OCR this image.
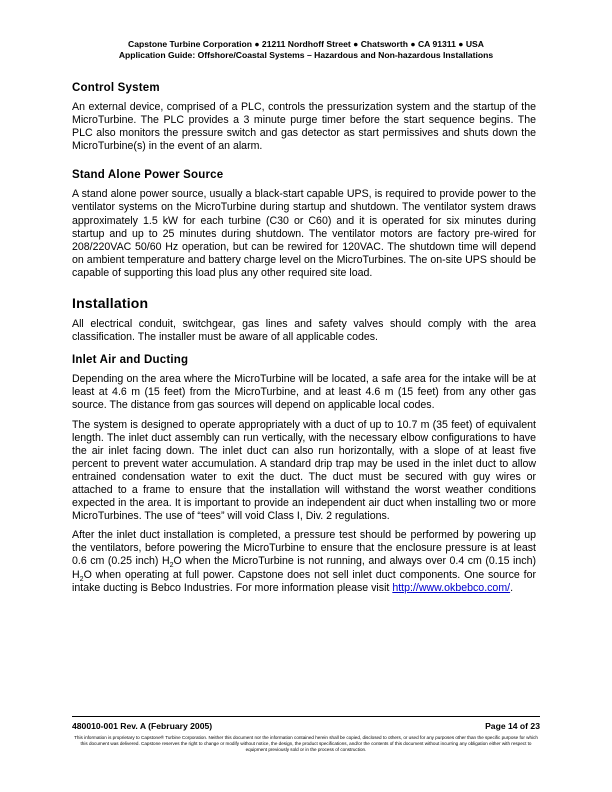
Capstone Turbine Corporation ● 21211 Nordhoff Street ● Chatsworth ● CA 91311 ● USA
Application Guide: Offshore/Coastal Systems – Hazardous and Non-hazardous Installations
Control System

An external device, comprised of a PLC, controls the pressurization system and the startup of the MicroTurbine. The PLC provides a 3 minute purge timer before the start sequence begins. The PLC also monitors the pressure switch and gas detector as start permissives and shuts down the MicroTurbine(s) in the event of an alarm.

Stand Alone Power Source

A stand alone power source, usually a black-start capable UPS, is required to provide power to the ventilator systems on the MicroTurbine during startup and shutdown. The ventilator system draws approximately 1.5 kW for each turbine (C30 or C60) and it is operated for six minutes during startup and up to 25 minutes during shutdown. The ventilator motors are factory pre-wired for 208/220VAC 50/60 Hz operation, but can be rewired for 120VAC. The shutdown time will depend on ambient temperature and battery charge level on the MicroTurbines. The on-site UPS should be capable of supporting this load plus any other required site load.

Installation

All electrical conduit, switchgear, gas lines and safety valves should comply with the area classification. The installer must be aware of all applicable codes.

Inlet Air and Ducting

Depending on the area where the MicroTurbine will be located, a safe area for the intake will be at least at 4.6 m (15 feet) from the MicroTurbine, and at least 4.6 m (15 feet) from any other gas source. The distance from gas sources will depend on applicable local codes.

The system is designed to operate appropriately with a duct of up to 10.7 m (35 feet) of equivalent length. The inlet duct assembly can run vertically, with the necessary elbow configurations to have the air inlet facing down. The inlet duct can also run horizontally, with a slope of at least five percent to prevent water accumulation. A standard drip trap may be used in the inlet duct to allow entrained condensation water to exit the duct. The duct must be secured with guy wires or attached to a frame to ensure that the installation will withstand the worst weather conditions expected in the area. It is important to provide an independent air duct when installing two or more MicroTurbines. The use of “tees” will void Class I, Div. 2 regulations.

After the inlet duct installation is completed, a pressure test should be performed by powering up the ventilators, before powering the MicroTurbine to ensure that the enclosure pressure is at least 0.6 cm (0.25 inch) $H_2O$ when the MicroTurbine is not running, and always over 0.4 cm (0.15 inch) $H_2O$ when operating at full power. Capstone does not sell inlet duct components. One source for intake ducting is Bebco Industries. For more information please visit http://www.okbebco.com/.

480010-001 Rev. A (February 2005)	Page 14 of 23
This information is proprietary to Capstone® Turbine Corporation. Neither this document nor the information contained herein shall be copied, disclosed to others, or used for any purposes other than the specific purpose for which this document was delivered. Capstone reserves the right to change or modify without notice, the design, the product specifications, and/or the contents of this document without incurring any obligation either with respect to equipment previously sold or in the process of construction.
